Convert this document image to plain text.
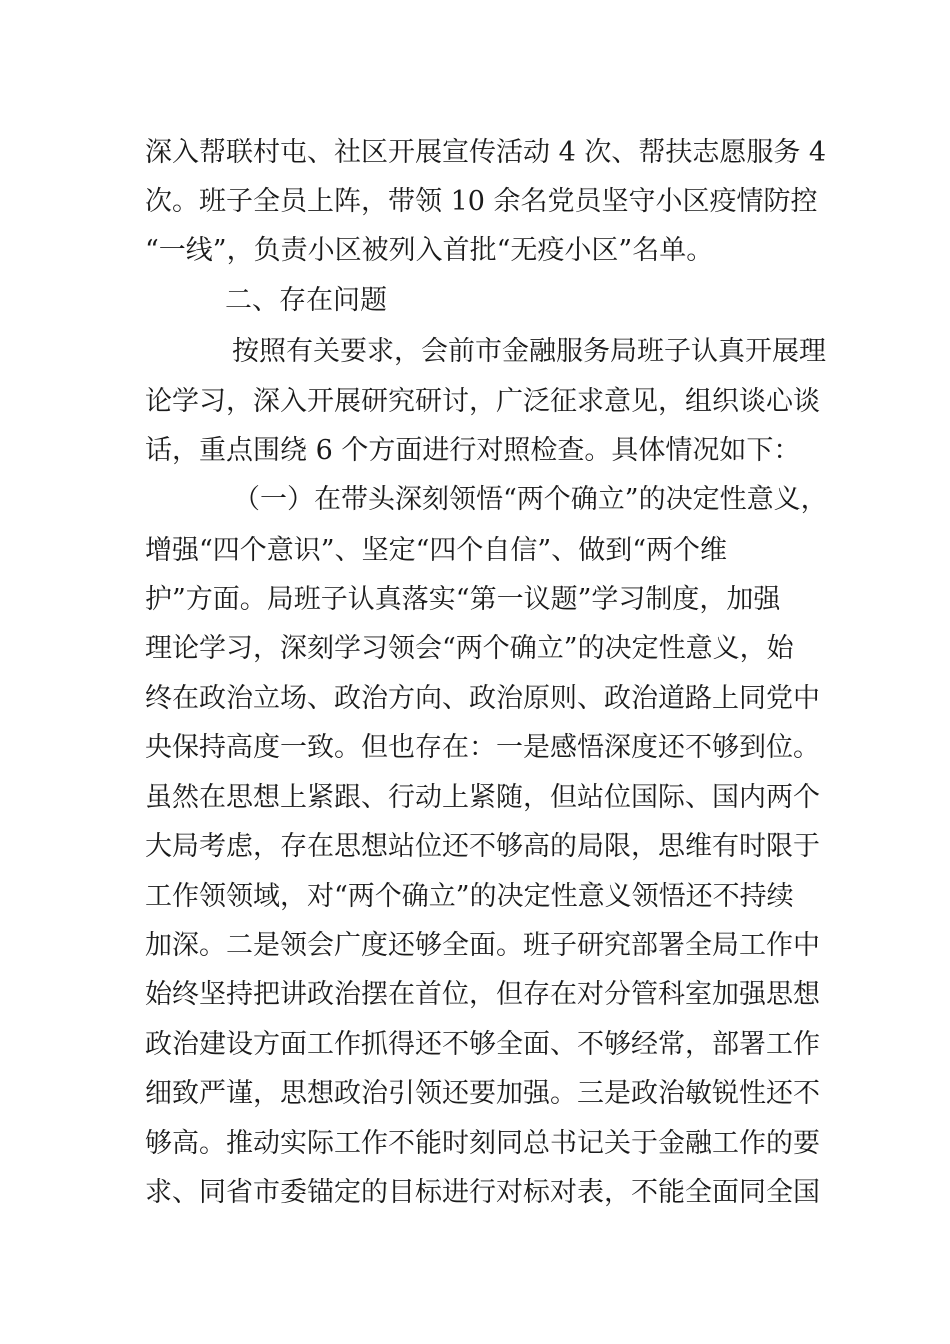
深入帮联村屯、社区开展宣传活动 4 次、帮扶志愿服务 4
次。班子全员上阵，带领 10 余名党员坚守小区疫情防控
“一线”，负责小区被列入首批“无疫小区”名单。
二、存在问题
按照有关要求，会前市金融服务局班子认真开展理
论学习，深入开展研究研讨，广泛征求意见，组织谈心谈
话，重点围绕 6 个方面进行对照检查。具体情况如下：
（一）在带头深刻领悟“两个确立”的决定性意义，
增强“四个意识”、坚定“四个自信”、做到“两个维
护”方面。局班子认真落实“第一议题”学习制度，加强
理论学习，深刻学习领会“两个确立”的决定性意义，始
终在政治立场、政治方向、政治原则、政治道路上同党中
央保持高度一致。但也存在：一是感悟深度还不够到位。
虽然在思想上紧跟、行动上紧随，但站位国际、国内两个
大局考虑，存在思想站位还不够高的局限，思维有时限于
工作领领域，对“两个确立”的决定性意义领悟还不持续
加深。二是领会广度还够全面。班子研究部署全局工作中
始终坚持把讲政治摆在首位，但存在对分管科室加强思想
政治建设方面工作抓得还不够全面、不够经常，部署工作
细致严谨，思想政治引领还要加强。三是政治敏锐性还不
够高。推动实际工作不能时刻同总书记关于金融工作的要
求、同省市委锚定的目标进行对标对表，不能全面同全国
